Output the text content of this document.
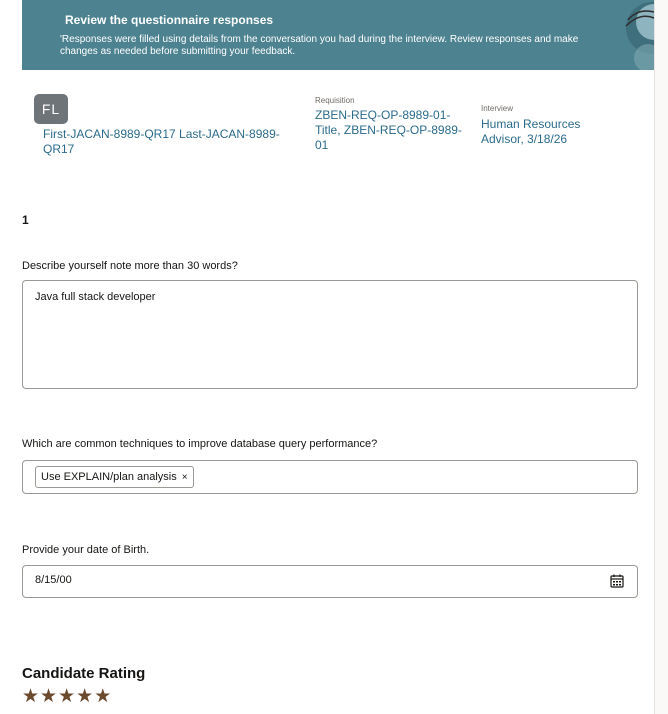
Review the questionnaire responses
'Responses were filled using details from the conversation you had during the interview. Review responses and make changes as needed before submitting your feedback.
FL
First-JACAN-8989-QR17 Last-JACAN-8989-QR17
Requisition
ZBEN-REQ-OP-8989-01-Title, ZBEN-REQ-OP-8989-01
Interview
Human Resources Advisor, 3/18/26
1
Describe yourself note more than 30 words?
Java full stack developer
Which are common techniques to improve database query performance?
Use EXPLAIN/plan analysis ×
Provide your date of Birth.
8/15/00
Candidate Rating
★ ★ ★ ★ ★
